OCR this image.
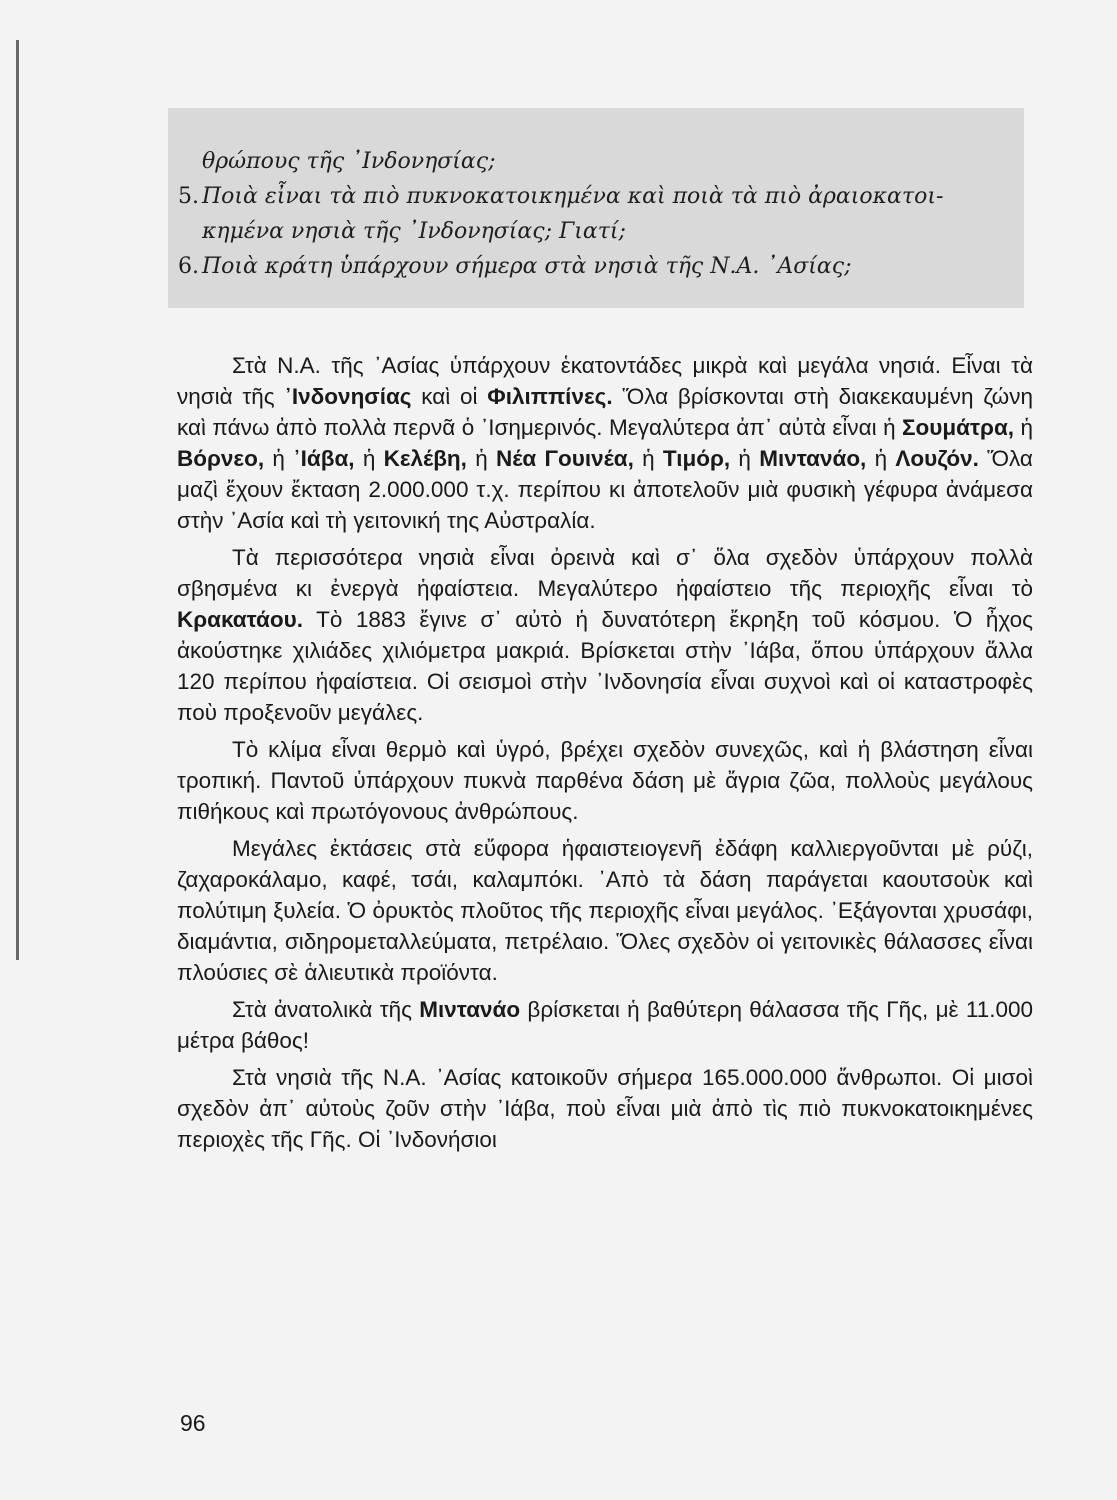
θρώπους τῆς ᾿Ινδονησίας;
5. Ποιὰ εἶναι τὰ πιὸ πυκνοκατοικημένα καὶ ποιὰ τὰ πιὸ ἀραιοκατοι-
κημένα νησιὰ τῆς ᾿Ινδονησίας; Γιατί;
6. Ποιὰ κράτη ὑπάρχουν σήμερα στὰ νησιὰ τῆς Ν.Α. ᾿Ασίας;

Στὰ Ν.Α. τῆς ᾿Ασίας ὑπάρχουν ἑκατοντάδες μικρὰ καὶ μεγάλα νησιά. Εἶναι τὰ νησιὰ τῆς ᾿Ινδονησίας καὶ οἱ Φιλιππίνες. Ὅλα βρίσκονται στὴ διακεκαυμένη ζώνη καὶ πάνω ἀπὸ πολλὰ περνᾶ ὁ ᾿Ισημερινός. Μεγαλύτερα ἀπ᾿ αὐτὰ εἶναι ἡ Σουμάτρα, ἡ Βόρνεο, ἡ ᾿Ιάβα, ἡ Κελέβη, ἡ Νέα Γουινέα, ἡ Τιμόρ, ἡ Μιντανάο, ἡ Λουζόν. Ὅλα μαζὶ ἔχουν ἔκταση 2.000.000 τ.χ. περίπου κι ἀποτελοῦν μιὰ φυσικὴ γέφυρα ἀνάμεσα στὴν ᾿Ασία καὶ τὴ γειτονική της Αὐστραλία.

Τὰ περισσότερα νησιὰ εἶναι ὀρεινὰ καὶ σ᾿ ὅλα σχεδὸν ὑπάρχουν πολλὰ σβησμένα κι ἐνεργὰ ἡφαίστεια. Μεγαλύτερο ἡφαίστειο τῆς περιοχῆς εἶναι τὸ Κρακατάου. Τὸ 1883 ἔγινε σ᾿ αὐτὸ ἡ δυνατότερη ἔκρηξη τοῦ κόσμου. Ὁ ἦχος ἀκούστηκε χιλιάδες χιλιόμετρα μακριά. Βρίσκεται στὴν ᾿Ιάβα, ὅπου ὑπάρχουν ἄλλα 120 περίπου ἡφαίστεια. Οἱ σεισμοὶ στὴν ᾿Ινδονησία εἶναι συχνοὶ καὶ οἱ καταστροφὲς ποὺ προξενοῦν μεγάλες.

Τὸ κλίμα εἶναι θερμὸ καὶ ὑγρό, βρέχει σχεδὸν συνεχῶς, καὶ ἡ βλάστηση εἶναι τροπική. Παντοῦ ὑπάρχουν πυκνὰ παρθένα δάση μὲ ἄγρια ζῶα, πολλοὺς μεγάλους πιθήκους καὶ πρωτόγονους ἀνθρώπους.

Μεγάλες ἐκτάσεις στὰ εὔφορα ἡφαιστειογενῆ ἐδάφη καλλιεργοῦνται μὲ ρύζι, ζαχαροκάλαμο, καφέ, τσάι, καλαμπόκι. ᾿Απὸ τὰ δάση παράγεται καουτσοὺκ καὶ πολύτιμη ξυλεία. Ὁ ὀρυκτὸς πλοῦτος τῆς περιοχῆς εἶναι μεγάλος. ᾿Εξάγονται χρυσάφι, διαμάντια, σιδηρομεταλλεύματα, πετρέλαιο. Ὅλες σχεδὸν οἱ γειτονικὲς θάλασσες εἶναι πλούσιες σὲ ἁλιευτικὰ προϊόντα.

Στὰ ἀνατολικὰ τῆς Μιντανάο βρίσκεται ἡ βαθύτερη θάλασσα τῆς Γῆς, μὲ 11.000 μέτρα βάθος!

Στὰ νησιὰ τῆς Ν.Α. ᾿Ασίας κατοικοῦν σήμερα 165.000.000 ἄνθρωποι. Οἱ μισοὶ σχεδὸν ἀπ᾿ αὐτοὺς ζοῦν στὴν ᾿Ιάβα, ποὺ εἶναι μιὰ ἀπὸ τὶς πιὸ πυκνοκατοικημένες περιοχὲς τῆς Γῆς. Οἱ ᾿Ινδονήσιοι

96
